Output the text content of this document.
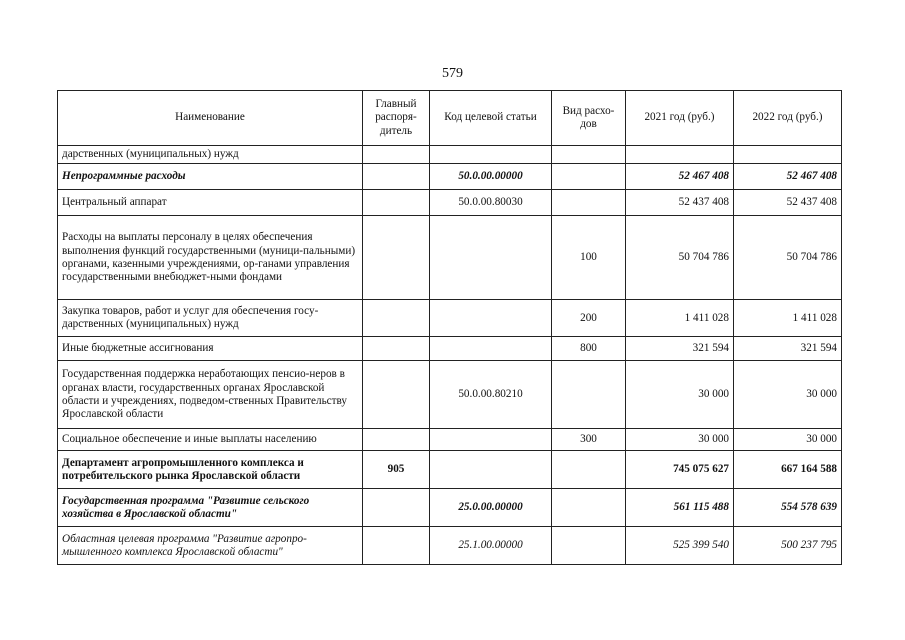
579
Наименование	Главный распоря-дитель	Код целевой статьи	Вид расхо-дов	2021 год (руб.)	2022 год (руб.)
дарственных (муниципальных) нужд					
Непрограммные расходы		50.0.00.00000		52 467 408	52 467 408
Центральный аппарат		50.0.00.80030		52 437 408	52 437 408
Расходы на выплаты персоналу в целях обеспечения выполнения функций государственными (муници-пальными) органами, казенными учреждениями, ор-ганами управления государственными внебюджет-ными фондами			100	50 704 786	50 704 786
Закупка товаров, работ и услуг для обеспечения госу-дарственных (муниципальных) нужд			200	1 411 028	1 411 028
Иные бюджетные ассигнования			800	321 594	321 594
Государственная поддержка неработающих пенсио-неров в органах власти, государственных органах Ярославской области и учреждениях, подведом-ственных Правительству Ярославской области		50.0.00.80210		30 000	30 000
Социальное обеспечение и иные выплаты населению			300	30 000	30 000
Департамент агропромышленного комплекса и потребительского рынка Ярославской области	905			745 075 627	667 164 588
Государственная программа "Развитие сельского хозяйства в Ярославской области"		25.0.00.00000		561 115 488	554 578 639
Областная целевая программа "Развитие агропро-мышленного комплекса Ярославской области"		25.1.00.00000		525 399 540	500 237 795
